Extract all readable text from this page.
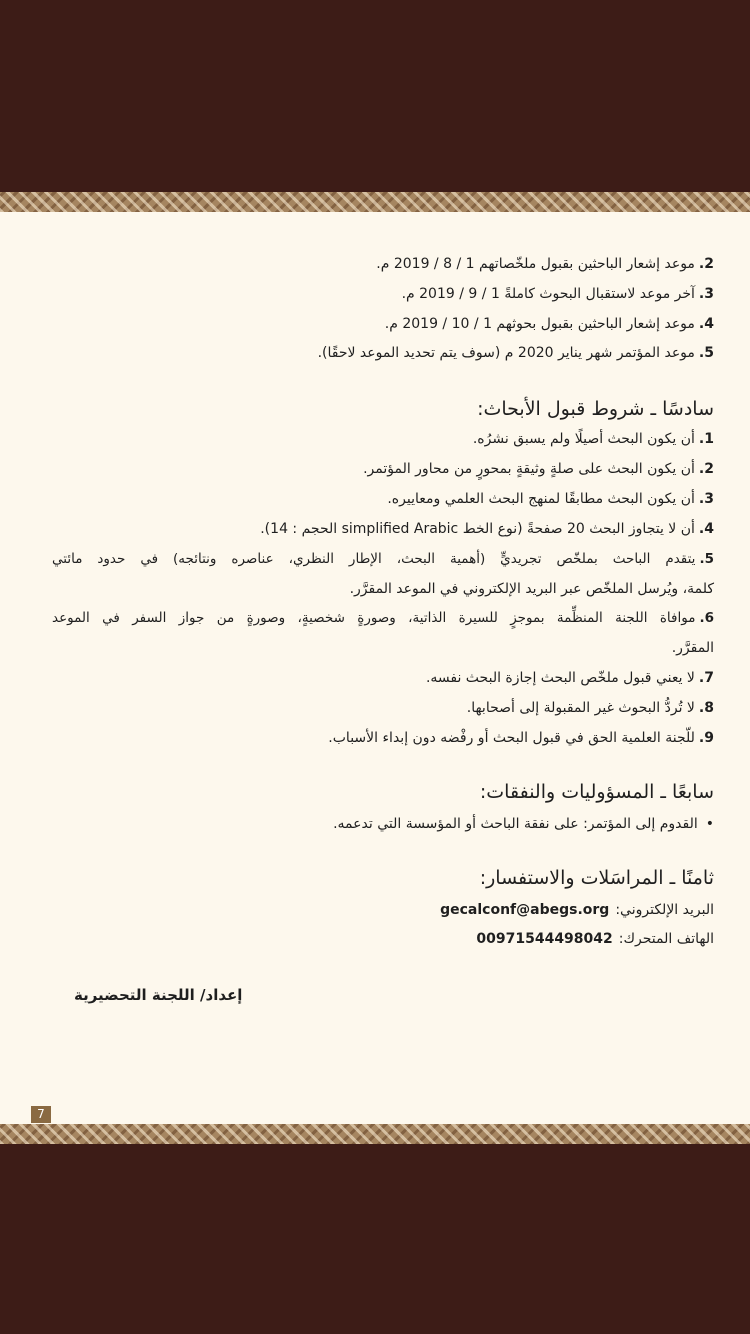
2.موعد إشعار الباحثين بقبول ملخّصاتهم 1 / 8 / 2019 م.
3.آخر موعد لاستقبال البحوث كاملةً 1 / 9 / 2019 م.
4.موعد إشعار الباحثين بقبول بحوثهم 1 / 10 / 2019 م.
5.موعد المؤتمر شهر يناير 2020 م (سوف يتم تحديد الموعد لاحقًا).
سادسًا ـ شروط قبول الأبحاث:
1.أن يكون البحث أصيلًا ولم يسبق نشرُه.
2.أن يكون البحث على صلةٍ وثيقةٍ بمحورٍ من محاور المؤتمر.
3.أن يكون البحث مطابقًا لمنهج البحث العلمي ومعاييره.
4.أن لا يتجاوز البحث 20 صفحةً (نوع الخط simplified Arabic الحجم : 14).
5.يتقدم الباحث بملخّص تجريديٍّ (أهمية البحث، الإطار النظري، عناصره ونتائجه) في حدود مائتي
كلمة، ويُرسل الملخّص عبر البريد الإلكتروني في الموعد المقرَّر.
6.موافاة اللجنة المنظِّمة بموجزٍ للسيرة الذاتية، وصورةٍ شخصيةٍ، وصورةٍ من جواز السفر في الموعد
المقرَّر.
7.لا يعني قبول ملخّص البحث إجازة البحث نفسه.
8.لا تُردُّ البحوث غير المقبولة إلى أصحابها.
9.للّجنة العلمية الحق في قبول البحث أو رفْضه دون إبداء الأسباب.
سابعًا ـ المسؤوليات والنفقات:
•القدوم إلى المؤتمر: على نفقة الباحث أو المؤسسة التي تدعمه.
ثامنًا ـ المراسَلات والاستفسار:
البريد الإلكتروني:gecalconf@abegs.org
الهاتف المتحرك:00971544498042
إعداد/ اللجنة التحضيرية
7
